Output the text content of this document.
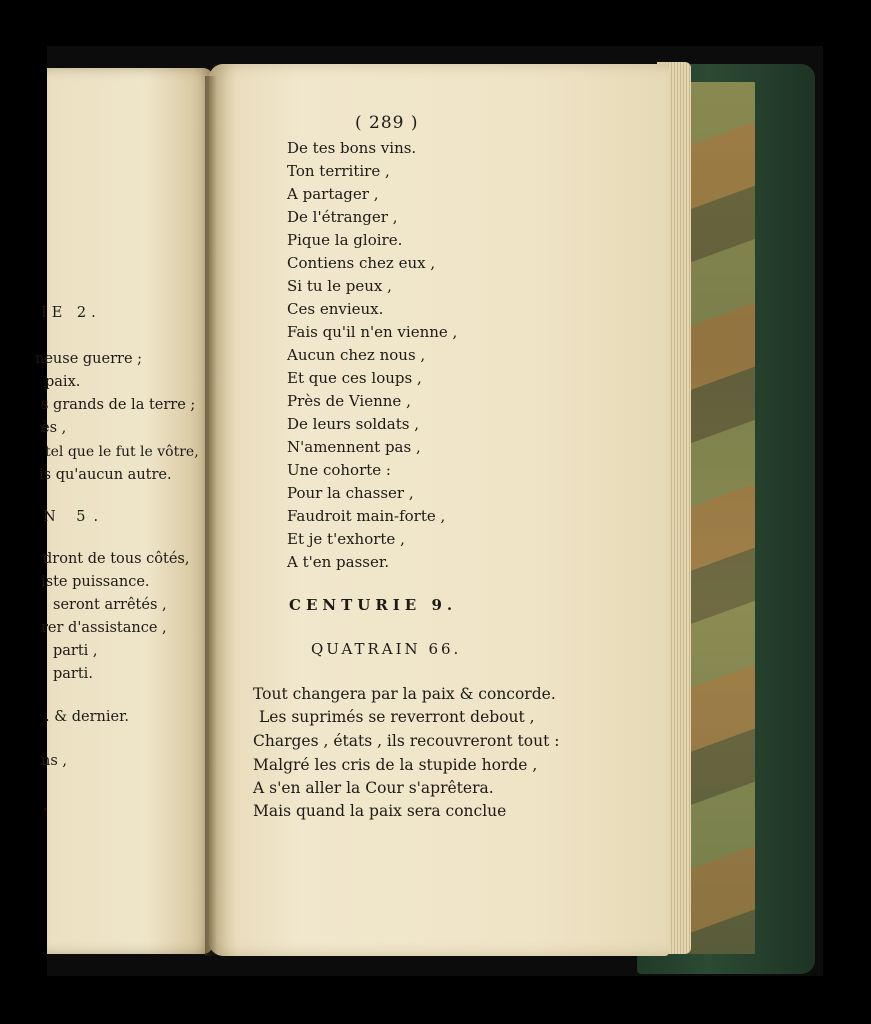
IE 2.
neuse guerre ;
paix.
s grands de la terre ;
ès ,
tel que le fut le vôtre,
is qu'aucun autre.
N 5.
dront de tous côtés,
iste puissance.
seront arrêtés ,
rer d'assistance ,
parti ,
parti.
. & dernier.
ns ,
,
( 289 )
De tes bons vins.
Ton territire ,
A partager ,
De l'étranger ,
Pique la gloire.
Contiens chez eux ,
Si tu le peux ,
Ces envieux.
Fais qu'il n'en vienne ,
Aucun chez nous ,
Et que ces loups ,
Près de Vienne ,
De leurs soldats ,
N'amennent pas ,
Une cohorte :
Pour la chasser ,
Faudroit main-forte ,
Et je t'exhorte ,
A t'en passer.
CENTURIE 9.
QUATRAIN 66.
Tout changera par la paix & concorde.
Les suprimés se reverront debout ,
Charges , états , ils recouvreront tout :
Malgré les cris de la stupide horde ,
A s'en aller la Cour s'aprêtera.
Mais quand la paix sera conclue
